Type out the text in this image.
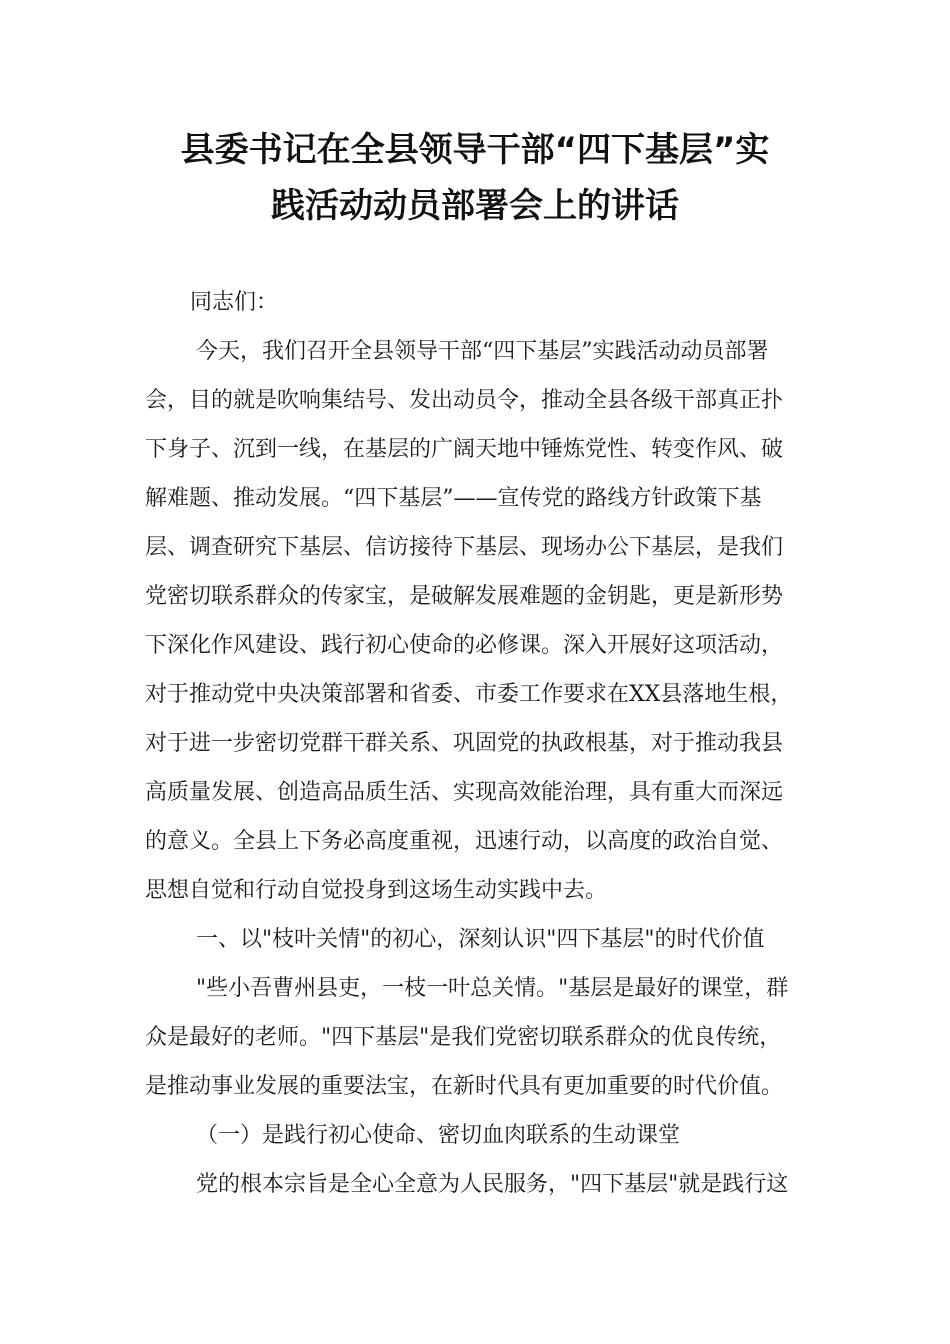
县委书记在全县领导干部“四下基层”实
践活动动员部署会上的讲话
同志们：
今天，我们召开全县领导干部“四下基层”实践活动动员部署
会，目的就是吹响集结号、发出动员令，推动全县各级干部真正扑
下身子、沉到一线，在基层的广阔天地中锤炼党性、转变作风、破
解难题、推动发展。“四下基层”——宣传党的路线方针政策下基
层、调查研究下基层、信访接待下基层、现场办公下基层，是我们
党密切联系群众的传家宝，是破解发展难题的金钥匙，更是新形势
下深化作风建设、践行初心使命的必修课。深入开展好这项活动，
对于推动党中央决策部署和省委、市委工作要求在XX县落地生根，
对于进一步密切党群干群关系、巩固党的执政根基，对于推动我县
高质量发展、创造高品质生活、实现高效能治理，具有重大而深远
的意义。全县上下务必高度重视，迅速行动，以高度的政治自觉、
思想自觉和行动自觉投身到这场生动实践中去。
一、以"枝叶关情"的初心，深刻认识"四下基层"的时代价值
"些小吾曹州县吏，一枝一叶总关情。"基层是最好的课堂，群
众是最好的老师。"四下基层"是我们党密切联系群众的优良传统，
是推动事业发展的重要法宝，在新时代具有更加重要的时代价值。
（一）是践行初心使命、密切血肉联系的生动课堂
党的根本宗旨是全心全意为人民服务，"四下基层"就是践行这
